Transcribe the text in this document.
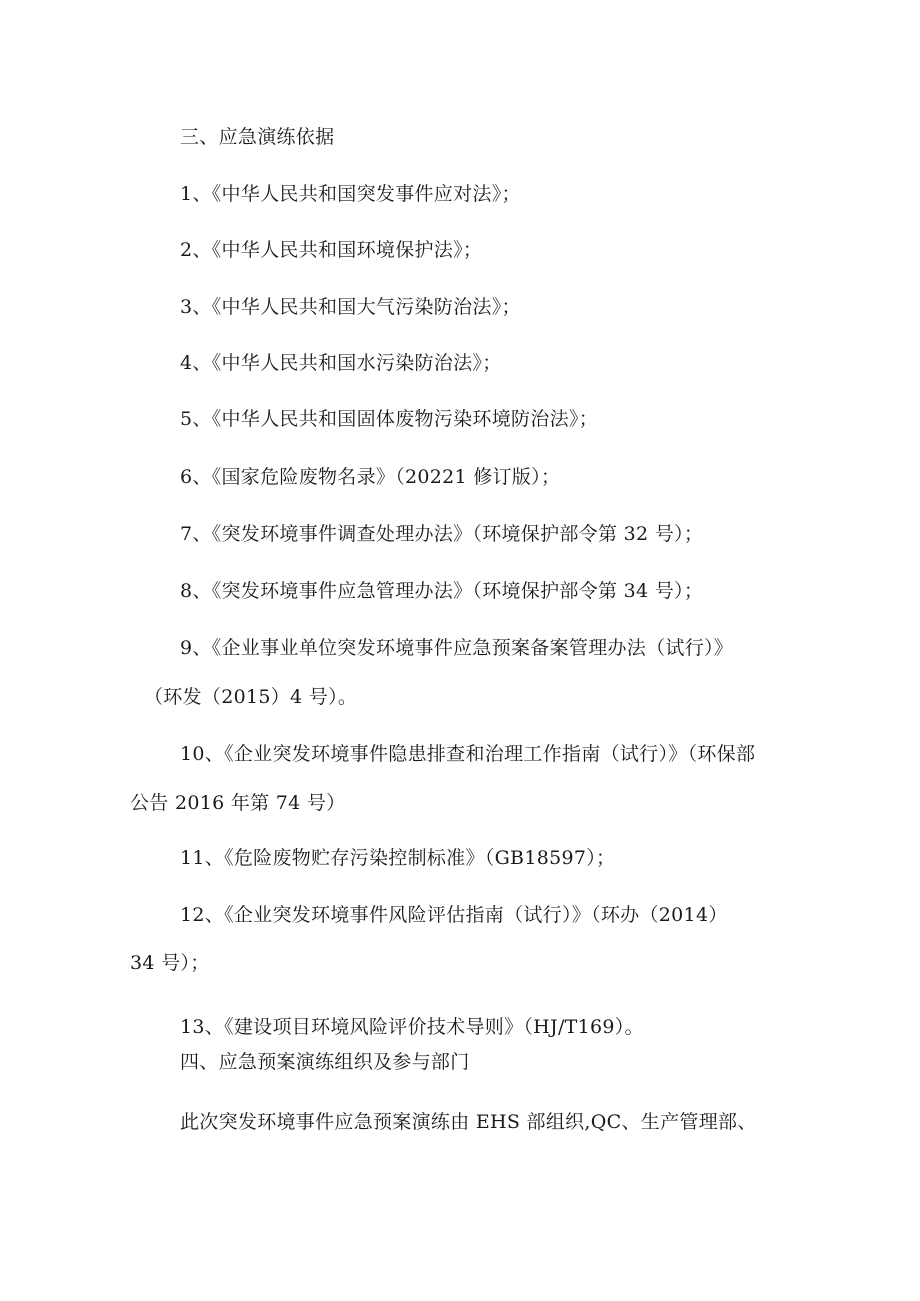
三、应急演练依据
1、《中华人民共和国突发事件应对法》；
2、《中华人民共和国环境保护法》；
3、《中华人民共和国大气污染防治法》；
4、《中华人民共和国水污染防治法》；
5、《中华人民共和国固体废物污染环境防治法》；
6、《国家危险废物名录》（20221 修订版）；
7、《突发环境事件调查处理办法》（环境保护部令第 32 号）；
8、《突发环境事件应急管理办法》（环境保护部令第 34 号）；
9、《企业事业单位突发环境事件应急预案备案管理办法（试行）》
（环发（2015）4 号）。
10、《企业突发环境事件隐患排查和治理工作指南（试行）》（环保部
公告 2016 年第 74 号）
11、《危险废物贮存污染控制标准》（GB18597）；
12、《企业突发环境事件风险评估指南（试行）》（环办（2014）
34 号）；
13、《建设项目环境风险评价技术导则》（HJ/T169）。
四、应急预案演练组织及参与部门
此次突发环境事件应急预案演练由 EHS 部组织,QC、生产管理部、
